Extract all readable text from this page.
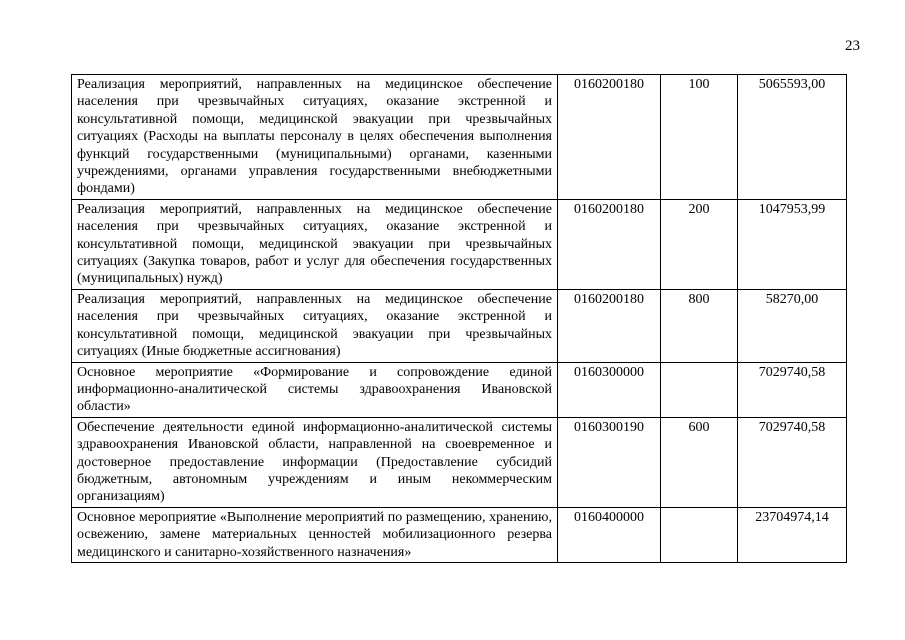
23
Реализация мероприятий, направленных на медицинское обеспечение населения при чрезвычайных ситуациях, оказание экстренной и консультативной помощи, медицинской эвакуации при чрезвычайных ситуациях (Расходы на выплаты персоналу в целях обеспечения выполнения функций государственными (муниципальными) органами, казенными учреждениями, органами управления государственными внебюджетными фондами)	0160200180	100	5065593,00
Реализация мероприятий, направленных на медицинское обеспечение населения при чрезвычайных ситуациях, оказание экстренной и консультативной помощи, медицинской эвакуации при чрезвычайных ситуациях (Закупка товаров, работ и услуг для обеспечения государственных (муниципальных) нужд)	0160200180	200	1047953,99
Реализация мероприятий, направленных на медицинское обеспечение населения при чрезвычайных ситуациях, оказание экстренной и консультативной помощи, медицинской эвакуации при чрезвычайных ситуациях (Иные бюджетные ассигнования)	0160200180	800	58270,00
Основное мероприятие «Формирование и сопровождение единой информационно-аналитической системы здравоохранения Ивановской области»	0160300000		7029740,58
Обеспечение деятельности единой информационно-аналитической системы здравоохранения Ивановской области, направленной на своевременное и достоверное предоставление информации (Предоставление субсидий бюджетным, автономным учреждениям и иным некоммерческим организациям)	0160300190	600	7029740,58
Основное мероприятие «Выполнение мероприятий по размещению, хранению, освежению, замене материальных ценностей мобилизационного резерва медицинского и санитарно-хозяйственного назначения»	0160400000		23704974,14
